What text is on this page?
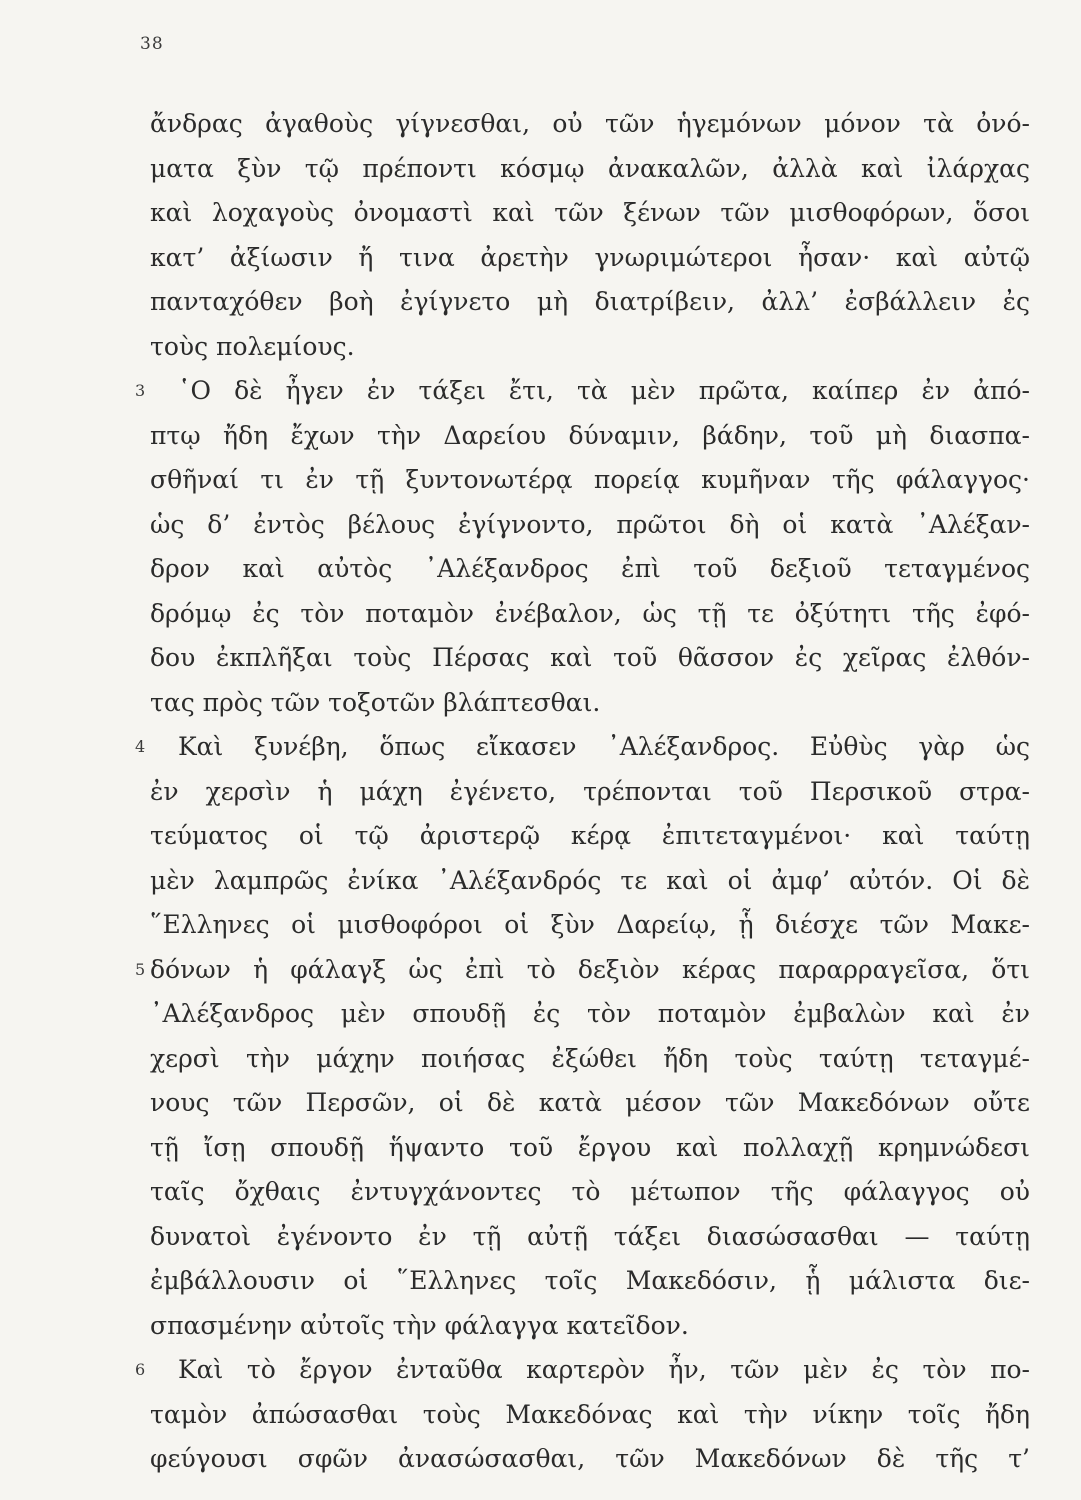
38
ἄνδρας ἀγαθοὺς γίγνεσθαι, οὐ τῶν ἡγεμόνων μόνον τὰ ὀνό-
ματα ξὺν τῷ πρέποντι κόσμῳ ἀνακαλῶν, ἀλλὰ καὶ ἰλάρχας
καὶ λοχαγοὺς ὀνομαστὶ καὶ τῶν ξένων τῶν μισθοφόρων, ὅσοι
κατ’ ἀξίωσιν ἤ τινα ἀρετὴν γνωριμώτεροι ἦσαν· καὶ αὐτῷ
πανταχόθεν βοὴ ἐγίγνετο μὴ διατρίβειν, ἀλλ’ ἐσβάλλειν ἐς
τοὺς πολεμίους.
3 ῾Ο δὲ ἦγεν ἐν τάξει ἔτι, τὰ μὲν πρῶτα, καίπερ ἐν ἀπό-
πτῳ ἤδη ἔχων τὴν Δαρείου δύναμιν, βάδην, τοῦ μὴ διασπα-
σθῆναί τι ἐν τῇ ξυντονωτέρᾳ πορείᾳ κυμῆναν τῆς φάλαγγος·
ὡς δ’ ἐντὸς βέλους ἐγίγνοντο, πρῶτοι δὴ οἱ κατὰ ᾿Αλέξαν-
δρον καὶ αὐτὸς ᾿Αλέξανδρος ἐπὶ τοῦ δεξιοῦ τεταγμένος
δρόμῳ ἐς τὸν ποταμὸν ἐνέβαλον, ὡς τῇ τε ὀξύτητι τῆς ἐφό-
δου ἐκπλῆξαι τοὺς Πέρσας καὶ τοῦ θᾶσσον ἐς χεῖρας ἐλθόν-
τας πρὸς τῶν τοξοτῶν βλάπτεσθαι.
4 Καὶ ξυνέβη, ὅπως εἴκασεν ᾿Αλέξανδρος. Εὐθὺς γὰρ ὡς
ἐν χερσὶν ἡ μάχη ἐγένετο, τρέπονται τοῦ Περσικοῦ στρα-
τεύματος οἱ τῷ ἀριστερῷ κέρᾳ ἐπιτεταγμένοι· καὶ ταύτῃ
μὲν λαμπρῶς ἐνίκα ᾿Αλέξανδρός τε καὶ οἱ ἀμφ’ αὐτόν. Οἱ δὲ
῞Ελληνες οἱ μισθοφόροι οἱ ξὺν Δαρείῳ, ᾗ διέσχε τῶν Μακε-
5 δόνων ἡ φάλαγξ ὡς ἐπὶ τὸ δεξιὸν κέρας παραρραγεῖσα, ὅτι
᾿Αλέξανδρος μὲν σπουδῇ ἐς τὸν ποταμὸν ἐμβαλὼν καὶ ἐν
χερσὶ τὴν μάχην ποιήσας ἐξώθει ἤδη τοὺς ταύτῃ τεταγμέ-
νους τῶν Περσῶν, οἱ δὲ κατὰ μέσον τῶν Μακεδόνων οὔτε
τῇ ἴσῃ σπουδῇ ἥψαντο τοῦ ἔργου καὶ πολλαχῇ κρημνώδεσι
ταῖς ὄχθαις ἐντυγχάνοντες τὸ μέτωπον τῆς φάλαγγος οὐ
δυνατοὶ ἐγένοντο ἐν τῇ αὐτῇ τάξει διασώσασθαι — ταύτῃ
ἐμβάλλουσιν οἱ ῞Ελληνες τοῖς Μακεδόσιν, ᾗ μάλιστα διε-
σπασμένην αὐτοῖς τὴν φάλαγγα κατεῖδον.
6 Καὶ τὸ ἔργον ἐνταῦθα καρτερὸν ἦν, τῶν μὲν ἐς τὸν πο-
ταμὸν ἀπώσασθαι τοὺς Μακεδόνας καὶ τὴν νίκην τοῖς ἤδη
φεύγουσι σφῶν ἀνασώσασθαι, τῶν Μακεδόνων δὲ τῆς τ’
